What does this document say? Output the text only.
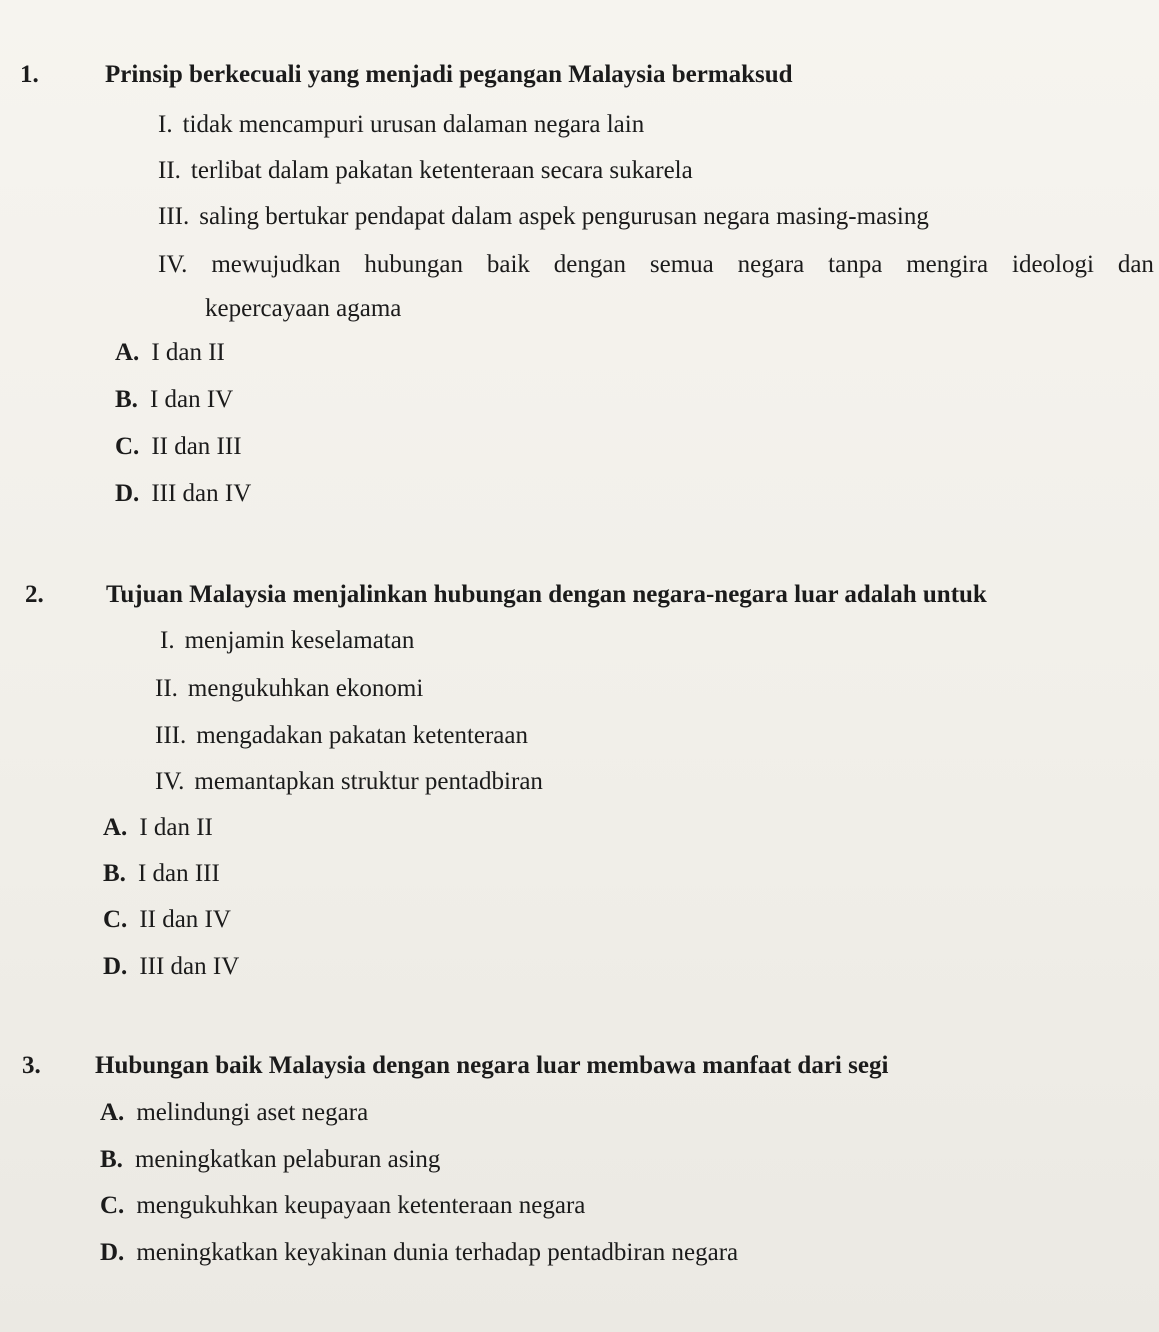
1.	Prinsip berkecuali yang menjadi pegangan Malaysia bermaksud
I. tidak mencampuri urusan dalaman negara lain
II. terlibat dalam pakatan ketenteraan secara sukarela
III. saling bertukar pendapat dalam aspek pengurusan negara masing-masing
IV. mewujudkan hubungan baik dengan semua negara tanpa mengira ideologi dan
kepercayaan agama
A. I dan II
B. I dan IV
C. II dan III
D. III dan IV
2. Tujuan Malaysia menjalinkan hubungan dengan negara-negara luar adalah untuk
I. menjamin keselamatan
II. mengukuhkan ekonomi
III. mengadakan pakatan ketenteraan
IV. memantapkan struktur pentadbiran
A. I dan II
B. I dan III
C. II dan IV
D. III dan IV
3. Hubungan baik Malaysia dengan negara luar membawa manfaat dari segi
A. melindungi aset negara
B. meningkatkan pelaburan asing
C. mengukuhkan keupayaan ketenteraan negara
D. meningkatkan keyakinan dunia terhadap pentadbiran negara
